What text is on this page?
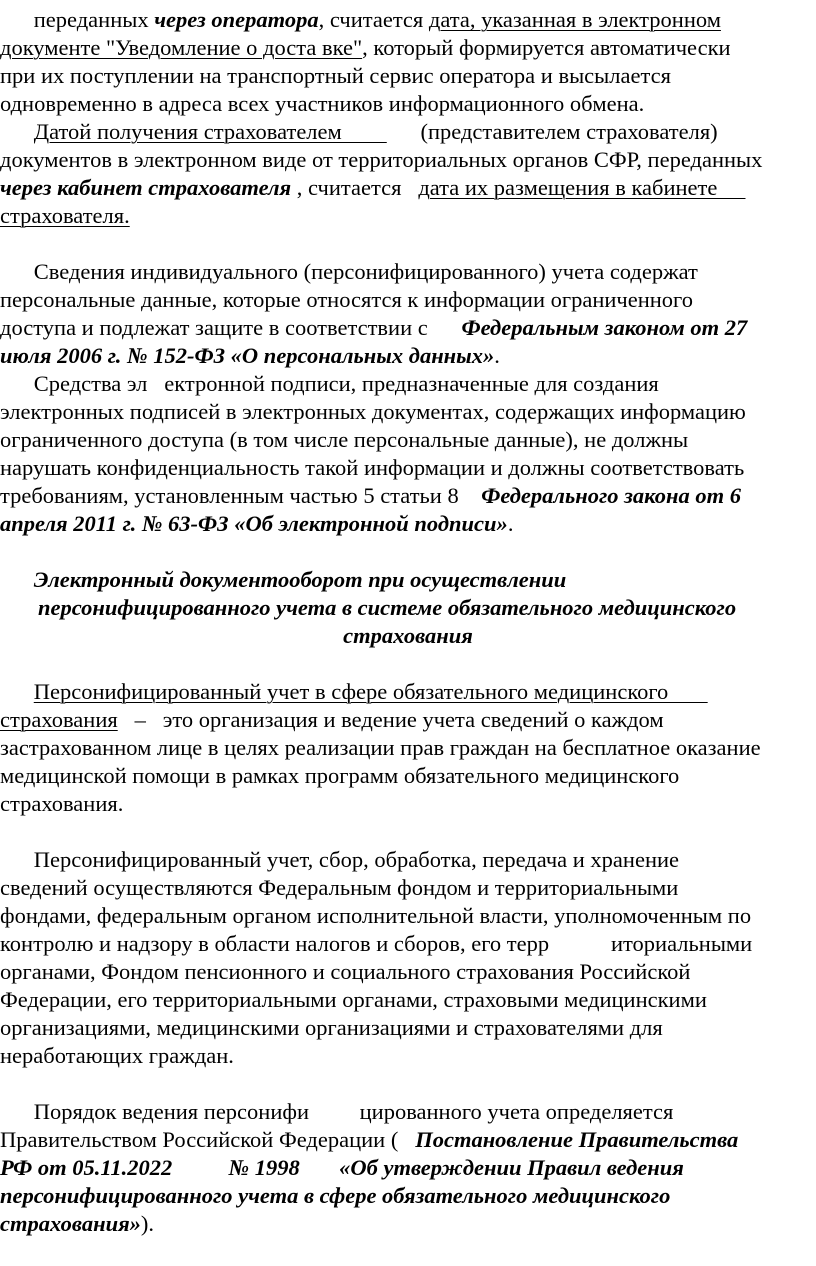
переданных через оператора, считается дата, указанная в электронном
документе "Уведомление о доста вке", который формируется автоматически
при их поступлении на транспортный сервис оператора и высылается
одновременно в адреса всех участников информационного обмена.
Датой получения страхователем              (представителем страхователя)
документов в электронном виде от территориальных органов СФР, переданных
через кабинет страхователя , считается   дата их размещения в кабинете
страхователя.
Сведения индивидуального (персонифицированного) учета содержат
персональные данные, которые относятся к информации ограниченного
доступа и подлежат защите в соответствии с      Федеральным законом от 27
июля 2006 г. № 152-ФЗ «О персональных данных».
Средства эл   ектронной подписи, предназначенные для создания
электронных подписей в электронных документах, содержащих информацию
ограниченного доступа (в том числе персональные данные), не должны
нарушать конфиденциальность такой информации и должны соответствовать
требованиям, установленным частью 5 статьи 8    Федерального закона от 6
апреля 2011 г. № 63-ФЗ «Об электронной подписи».
Электронный документооборот при осуществлении
персонифицированного учета в системе обязательного медицинского
страхования
Персонифицированный учет в сфере обязательного медицинского
страхования   –   это организация и ведение учета сведений о каждом
застрахованном лице в целях реализации прав граждан на бесплатное оказание
медицинской помощи в рамках программ обязательного медицинского
страхования.
Персонифицированный учет, сбор, обработка, передача и хранение
сведений осуществляются Федеральным фондом и территориальными
фондами, федеральным органом исполнительной власти, уполномоченным по
контролю и надзору в области налогов и сборов, его терр           иториальными
органами, Фондом пенсионного и социального страхования Российской
Федерации, его территориальными органами, страховыми медицинскими
организациями, медицинскими организациями и страхователями для
неработающих граждан.
Порядок ведения персонифи         цированного учета определяется
Правительством Российской Федерации (   Постановление Правительства
РФ от 05.11.2022          № 1998       «Об утверждении Правил ведения
персонифицированного учета в сфере обязательного медицинского
страхования»).
